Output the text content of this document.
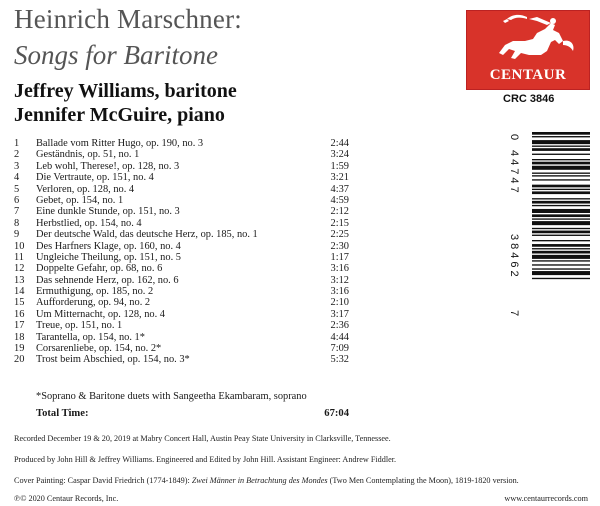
Heinrich Marschner:
Songs for Baritone
Jeffrey Williams, baritone
Jennifer McGuire, piano
CENTAUR
CRC 3846
1	Ballade vom Ritter Hugo, op. 190, no. 3	2:44
2	Geständnis, op. 51, no. 1	3:24
3	Leb wohl, Therese!, op. 128, no. 3	1:59
4	Die Vertraute, op. 151, no. 4	3:21
5	Verloren, op. 128, no. 4	4:37
6	Gebet, op. 154, no. 1	4:59
7	Eine dunkle Stunde, op. 151, no. 3	2:12
8	Herbstlied, op. 154, no. 4	2:15
9	Der deutsche Wald, das deutsche Herz, op. 185, no. 1	2:25
10	Des Harfners Klage, op. 160, no. 4	2:30
11	Ungleiche Theilung, op. 151, no. 5	1:17
12	Doppelte Gefahr, op. 68, no. 6	3:16
13	Das sehnende Herz, op. 162, no. 6	3:12
14	Ermuthigung, op. 185, no. 2	3:16
15	Aufforderung, op. 94, no. 2	2:10
16	Um Mitternacht, op. 128, no. 4	3:17
17	Treue, op. 151, no. 1	2:36
18	Tarantella, op. 154, no. 1*	4:44
19	Corsarenliebe, op. 154, no. 2*	7:09
20	Trost beim Abschied, op. 154, no. 3*	5:32
0
44747
38462
7
*Soprano & Baritone duets with Sangeetha Ekambaram, soprano
Total Time:	67:04
Recorded December 19 & 20, 2019 at Mabry Concert Hall, Austin Peay State University in Clarksville, Tennessee.
Produced by John Hill & Jeffrey Williams. Engineered and Edited by John Hill. Assistant Engineer: Andrew Fiddler.
Cover Painting: Caspar David Friedrich (1774-1849): Zwei Männer in Betrachtung des Mondes (Two Men Contemplating the Moon), 1819-1820 version.
℗© 2020 Centaur Records, Inc.	www.centaurrecords.com
